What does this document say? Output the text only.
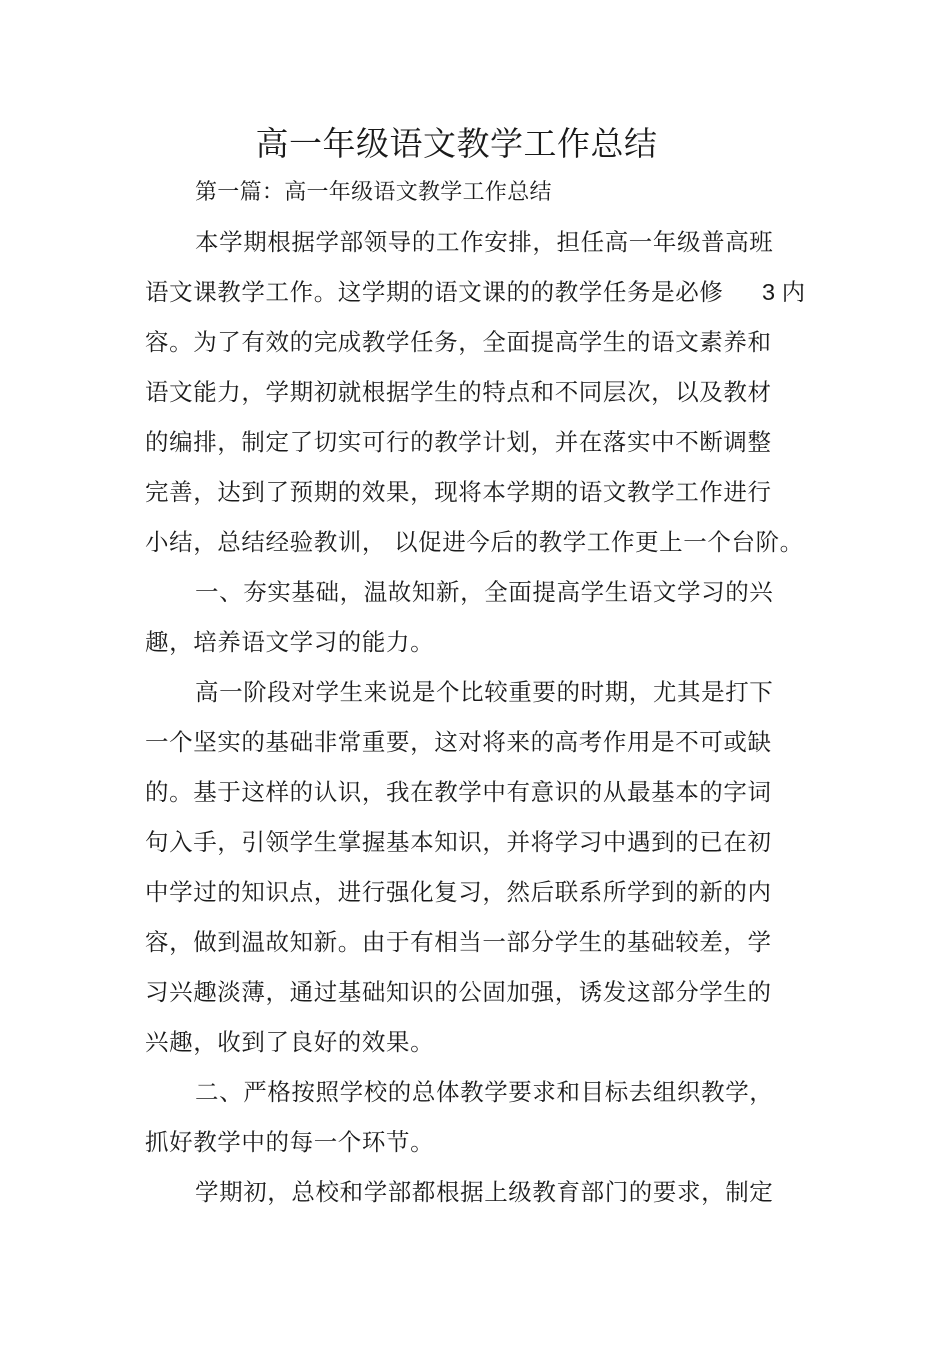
高一年级语文教学工作总结
第一篇：高一年级语文教学工作总结
本学期根据学部领导的工作安排，担任高一年级普高班
语文课教学工作。这学期的语文课的的教学任务是必修 3 内
容。为了有效的完成教学任务，全面提高学生的语文素养和
语文能力，学期初就根据学生的特点和不同层次，以及教材
的编排，制定了切实可行的教学计划，并在落实中不断调整
完善，达到了预期的效果，现将本学期的语文教学工作进行
小结，总结经验教训， 以促进今后的教学工作更上一个台阶。
一、夯实基础，温故知新，全面提高学生语文学习的兴
趣，培养语文学习的能力。
高一阶段对学生来说是个比较重要的时期，尤其是打下
一个坚实的基础非常重要，这对将来的高考作用是不可或缺
的。基于这样的认识，我在教学中有意识的从最基本的字词
句入手，引领学生掌握基本知识，并将学习中遇到的已在初
中学过的知识点，进行强化复习，然后联系所学到的新的内
容，做到温故知新。由于有相当一部分学生的基础较差，学
习兴趣淡薄，通过基础知识的公固加强，诱发这部分学生的
兴趣，收到了良好的效果。
二、严格按照学校的总体教学要求和目标去组织教学，
抓好教学中的每一个环节。
学期初，总校和学部都根据上级教育部门的要求，制定
